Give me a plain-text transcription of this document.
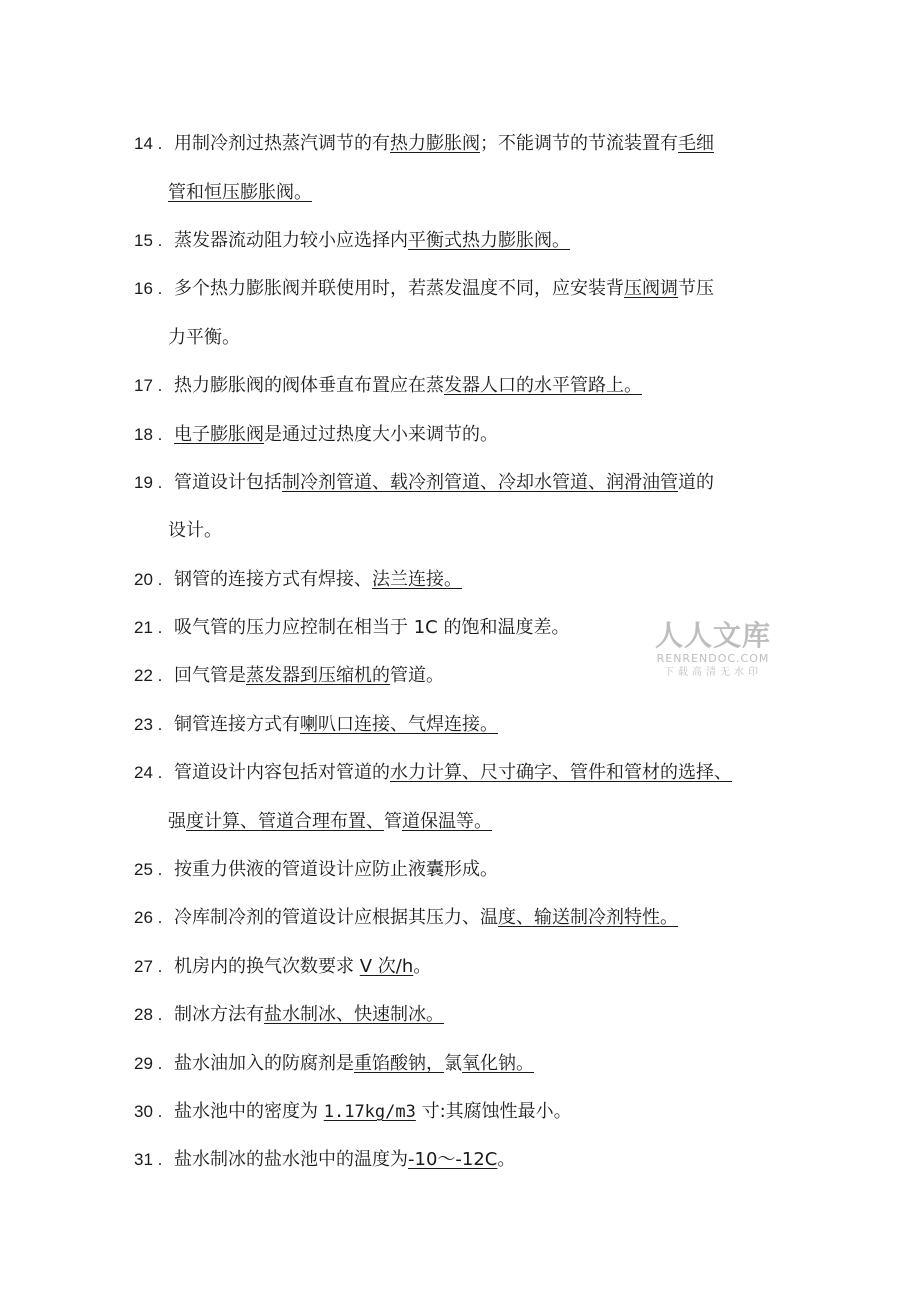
14 . 用制冷剂过热蒸汽调节的有热力膨胀阀；不能调节的节流装置有毛细
管和恒压膨胀阀。
15 . 蒸发器流动阻力较小应选择内平衡式热力膨胀阀。
16 . 多个热力膨胀阀并联使用时，若蒸发温度不同，应安装背压阀调节压
力平衡。
17 . 热力膨胀阀的阀体垂直布置应在蒸发器人口的水平管路上。
18 . 电子膨胀阀是通过过热度大小来调节的。
19 . 管道设计包括制冷剂管道、载冷剂管道、冷却水管道、润滑油管道的
设计。
20 . 钢管的连接方式有焊接、法兰连接。
21 . 吸气管的压力应控制在相当于 1C 的饱和温度差。
22 . 回气管是蒸发器到压缩机的管道。
23 . 铜管连接方式有喇叭口连接、气焊连接。
24 . 管道设计内容包括对管道的水力计算、尺寸确字、管件和管材的选择、
强度计算、管道合理布置、管道保温等。
25 . 按重力供液的管道设计应防止液囊形成。
26 . 冷库制冷剂的管道设计应根据其压力、温度、输送制冷剂特性。
27 . 机房内的换气次数要求 V 次/h。
28 . 制冰方法有盐水制冰、快速制冰。
29 . 盐水油加入的防腐剂是重馅酸钠，氯氧化钠。
30 . 盐水池中的密度为 1.17kg/m3 寸:其腐蚀性最小。
31 . 盐水制冰的盐水池中的温度为-10～-12C。
人人文库
RENRENDOC.COM
下载高清无水印
